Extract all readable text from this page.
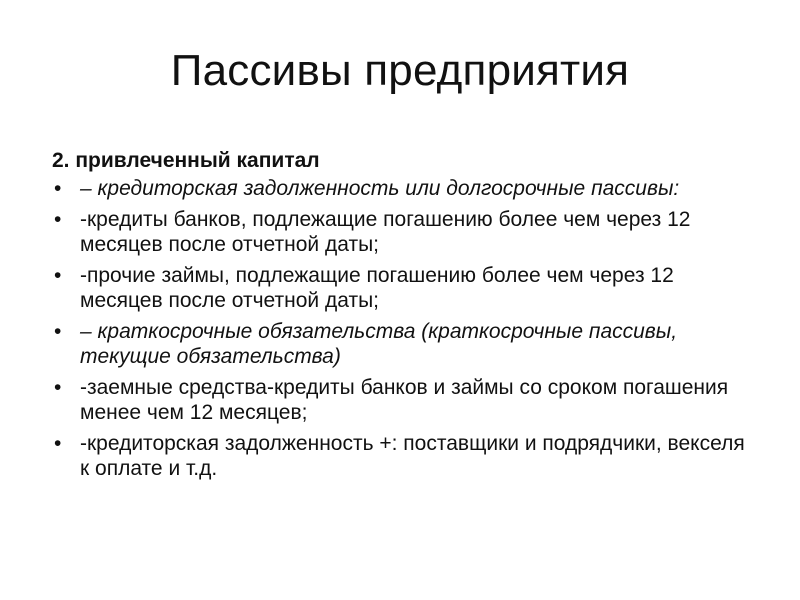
Пассивы предприятия

2. привлеченный капитал

• – кредиторская задолженность или долгосрочные пассивы:
• -кредиты банков, подлежащие погашению более чем через 12 месяцев после отчетной даты;
• -прочие займы, подлежащие погашению более чем через 12 месяцев после отчетной даты;
• – краткосрочные обязательства (краткосрочные пассивы, текущие обязательства)
• -заемные средства-кредиты банков и займы со сроком погашения менее чем 12 месяцев;
• -кредиторская задолженность +: поставщики и подрядчики, векселя к оплате и т.д.
